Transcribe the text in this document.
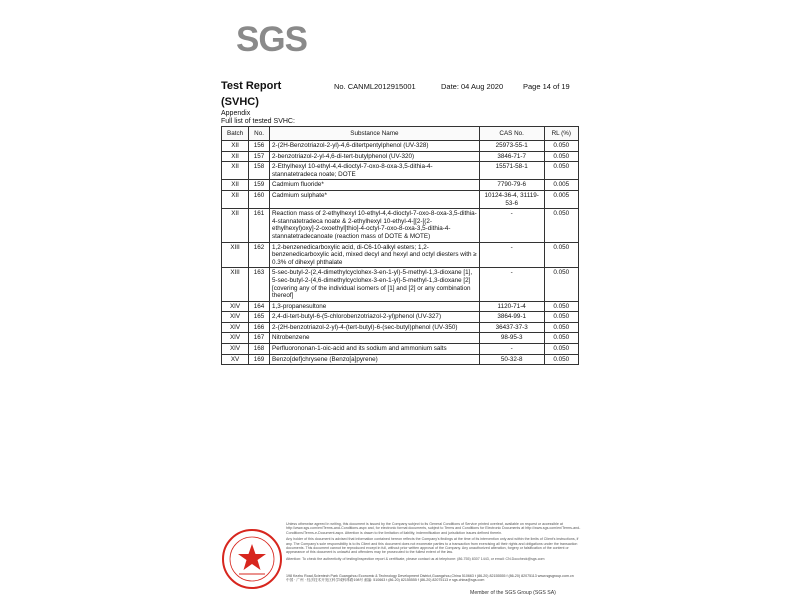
SGS
Test Report
(SVHC)
No. CANML2012915001	Date: 04 Aug 2020	Page 14 of 19
Appendix
Full list of tested SVHC:
Batch	No.	Substance Name	CAS No.	RL (%)
XII	156	2-(2H-Benzotriazol-2-yl)-4,6-ditertpentylphenol (UV-328)	25973-55-1	0.050
XII	157	2-benzotriazol-2-yl-4,6-di-tert-butylphenol (UV-320)	3846-71-7	0.050
XII	158	2-Ethylhexyl 10-ethyl-4,4-dioctyl-7-oxo-8-oxa-3,5-dithia-4-stannatetradeca noate; DOTE	15571-58-1	0.050
XII	159	Cadmium fluoride*	7790-79-6	0.005
XII	160	Cadmium sulphate*	10124-36-4, 31119-53-6	0.005
XII	161	Reaction mass of 2-ethylhexyl 10-ethyl-4,4-dioctyl-7-oxo-8-oxa-3,5-dithia-4-stannatetradeca noate & 2-ethylhexyl 10-ethyl-4-[[2-[(2-ethylhexyl)oxy]-2-oxoethyl]thio]-4-octyl-7-oxo-8-oxa-3,5-dithia-4-stannatetradecanoate (reaction mass of DOTE & MOTE)	-	0.050
XIII	162	1,2-benzenedicarboxylic acid, di-C6-10-alkyl esters; 1,2-benzenedicarboxylic acid, mixed decyl and hexyl and octyl diesters with ≥ 0.3% of dihexyl phthalate	-	0.050
XIII	163	5-sec-butyl-2-(2,4-dimethylcyclohex-3-en-1-yl)-5-methyl-1,3-dioxane [1], 5-sec-butyl-2-(4,6-dimethylcyclohex-3-en-1-yl)-5-methyl-1,3-dioxane [2] [covering any of the individual isomers of [1] and [2] or any combination thereof]	-	0.050
XIV	164	1,3-propanesultone	1120-71-4	0.050
XIV	165	2,4-di-tert-butyl-6-(5-chlorobenzotriazol-2-yl)phenol (UV-327)	3864-99-1	0.050
XIV	166	2-(2H-benzotriazol-2-yl)-4-(tert-butyl)-6-(sec-butyl)phenol (UV-350)	36437-37-3	0.050
XIV	167	Nitrobenzene	98-95-3	0.050
XIV	168	Perfluorononan-1-oic-acid and its sodium and ammonium salts	-	0.050
XV	169	Benzo[def]chrysene (Benzo[a]pyrene)	50-32-8	0.050

Unless otherwise agreed in writing, this document is issued by the Company subject to its General Conditions of Service printed overleaf, available on request or accessible at http://www.sgs.com/en/Terms-and-Conditions.aspx and, for electronic format documents, subject to Terms and Conditions for Electronic Documents at http://www.sgs.com/en/Terms-and-Conditions/Terms-e-Document.aspx. Attention is drawn to the limitation of liability, indemnification and jurisdiction issues defined therein.

Any holder of this document is advised that information contained hereon reflects the Company's findings at the time of its intervention only and within the limits of Client's instructions, if any. The Company's sole responsibility is to its Client and this document does not exonerate parties to a transaction from exercising all their rights and obligations under the transaction documents. This document cannot be reproduced except in full, without prior written approval of the Company. Any unauthorized alteration, forgery or falsification of the content or appearance of this document is unlawful and offenders may be prosecuted to the fullest extent of the law.

Attention: To check the authenticity of testing/inspection report & certificate, please contact us at telephone: (86-755) 8307 1443, or email: CN.Doccheck@sgs.com

198 Kezhu Road,Scientech Park Guangzhou Economic & Technology Development District,Guangzhou,China 510663 t (86-20) 82155555 f (86-20) 82075113 www.sgsgroup.com.cn
中国 · 广州 · 经济技术开发区科学城科珠路198号 邮编: 510663 t (86-20) 82155555 f (86-20) 82075113 e sgs.china@sgs.com
Member of the SGS Group (SGS SA)
